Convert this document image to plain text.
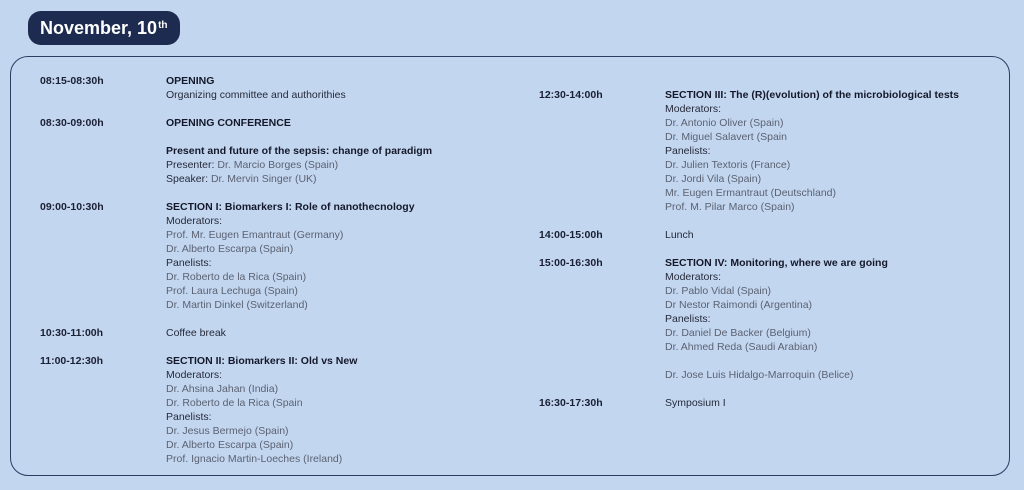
November, 10th
08:15-08:30h	OPENING
Organizing committee and authorithies
08:30-09:00h	OPENING CONFERENCE
Present and future of the sepsis: change of paradigm
Presenter: Dr. Marcio Borges (Spain)
Speaker: Dr. Mervin Singer (UK)
09:00-10:30h	SECTION I: Biomarkers I: Role of nanothecnology
Moderators:
Prof. Mr. Eugen Emantraut (Germany)
Dr. Alberto Escarpa (Spain)
Panelists:
Dr. Roberto de la Rica (Spain)
Prof. Laura Lechuga (Spain)
Dr. Martin Dinkel (Switzerland)
10:30-11:00h	Coffee break
11:00-12:30h	SECTION II: Biomarkers II: Old vs New
Moderators:
Dr. Ahsina Jahan (India)
Dr. Roberto de la Rica (Spain
Panelists:
Dr. Jesus Bermejo (Spain)
Dr. Alberto Escarpa (Spain)
Prof. Ignacio Martin-Loeches (Ireland)
12:30-14:00h	SECTION III: The (R)(evolution) of the microbiological tests
Moderators:
Dr. Antonio Oliver (Spain)
Dr. Miguel Salavert (Spain
Panelists:
Dr. Julien Textoris (France)
Dr. Jordi Vila (Spain)
Mr. Eugen Ermantraut (Deutschland)
Prof. M. Pilar Marco (Spain)
14:00-15:00h	Lunch
15:00-16:30h	SECTION IV: Monitoring, where we are going
Moderators:
Dr. Pablo Vidal (Spain)
Dr Nestor Raimondi (Argentina)
Panelists:
Dr. Daniel De Backer (Belgium)
Dr. Ahmed Reda (Saudi Arabian)
Dr. Jose Luis Hidalgo-Marroquin (Belice)
16:30-17:30h	Symposium I
